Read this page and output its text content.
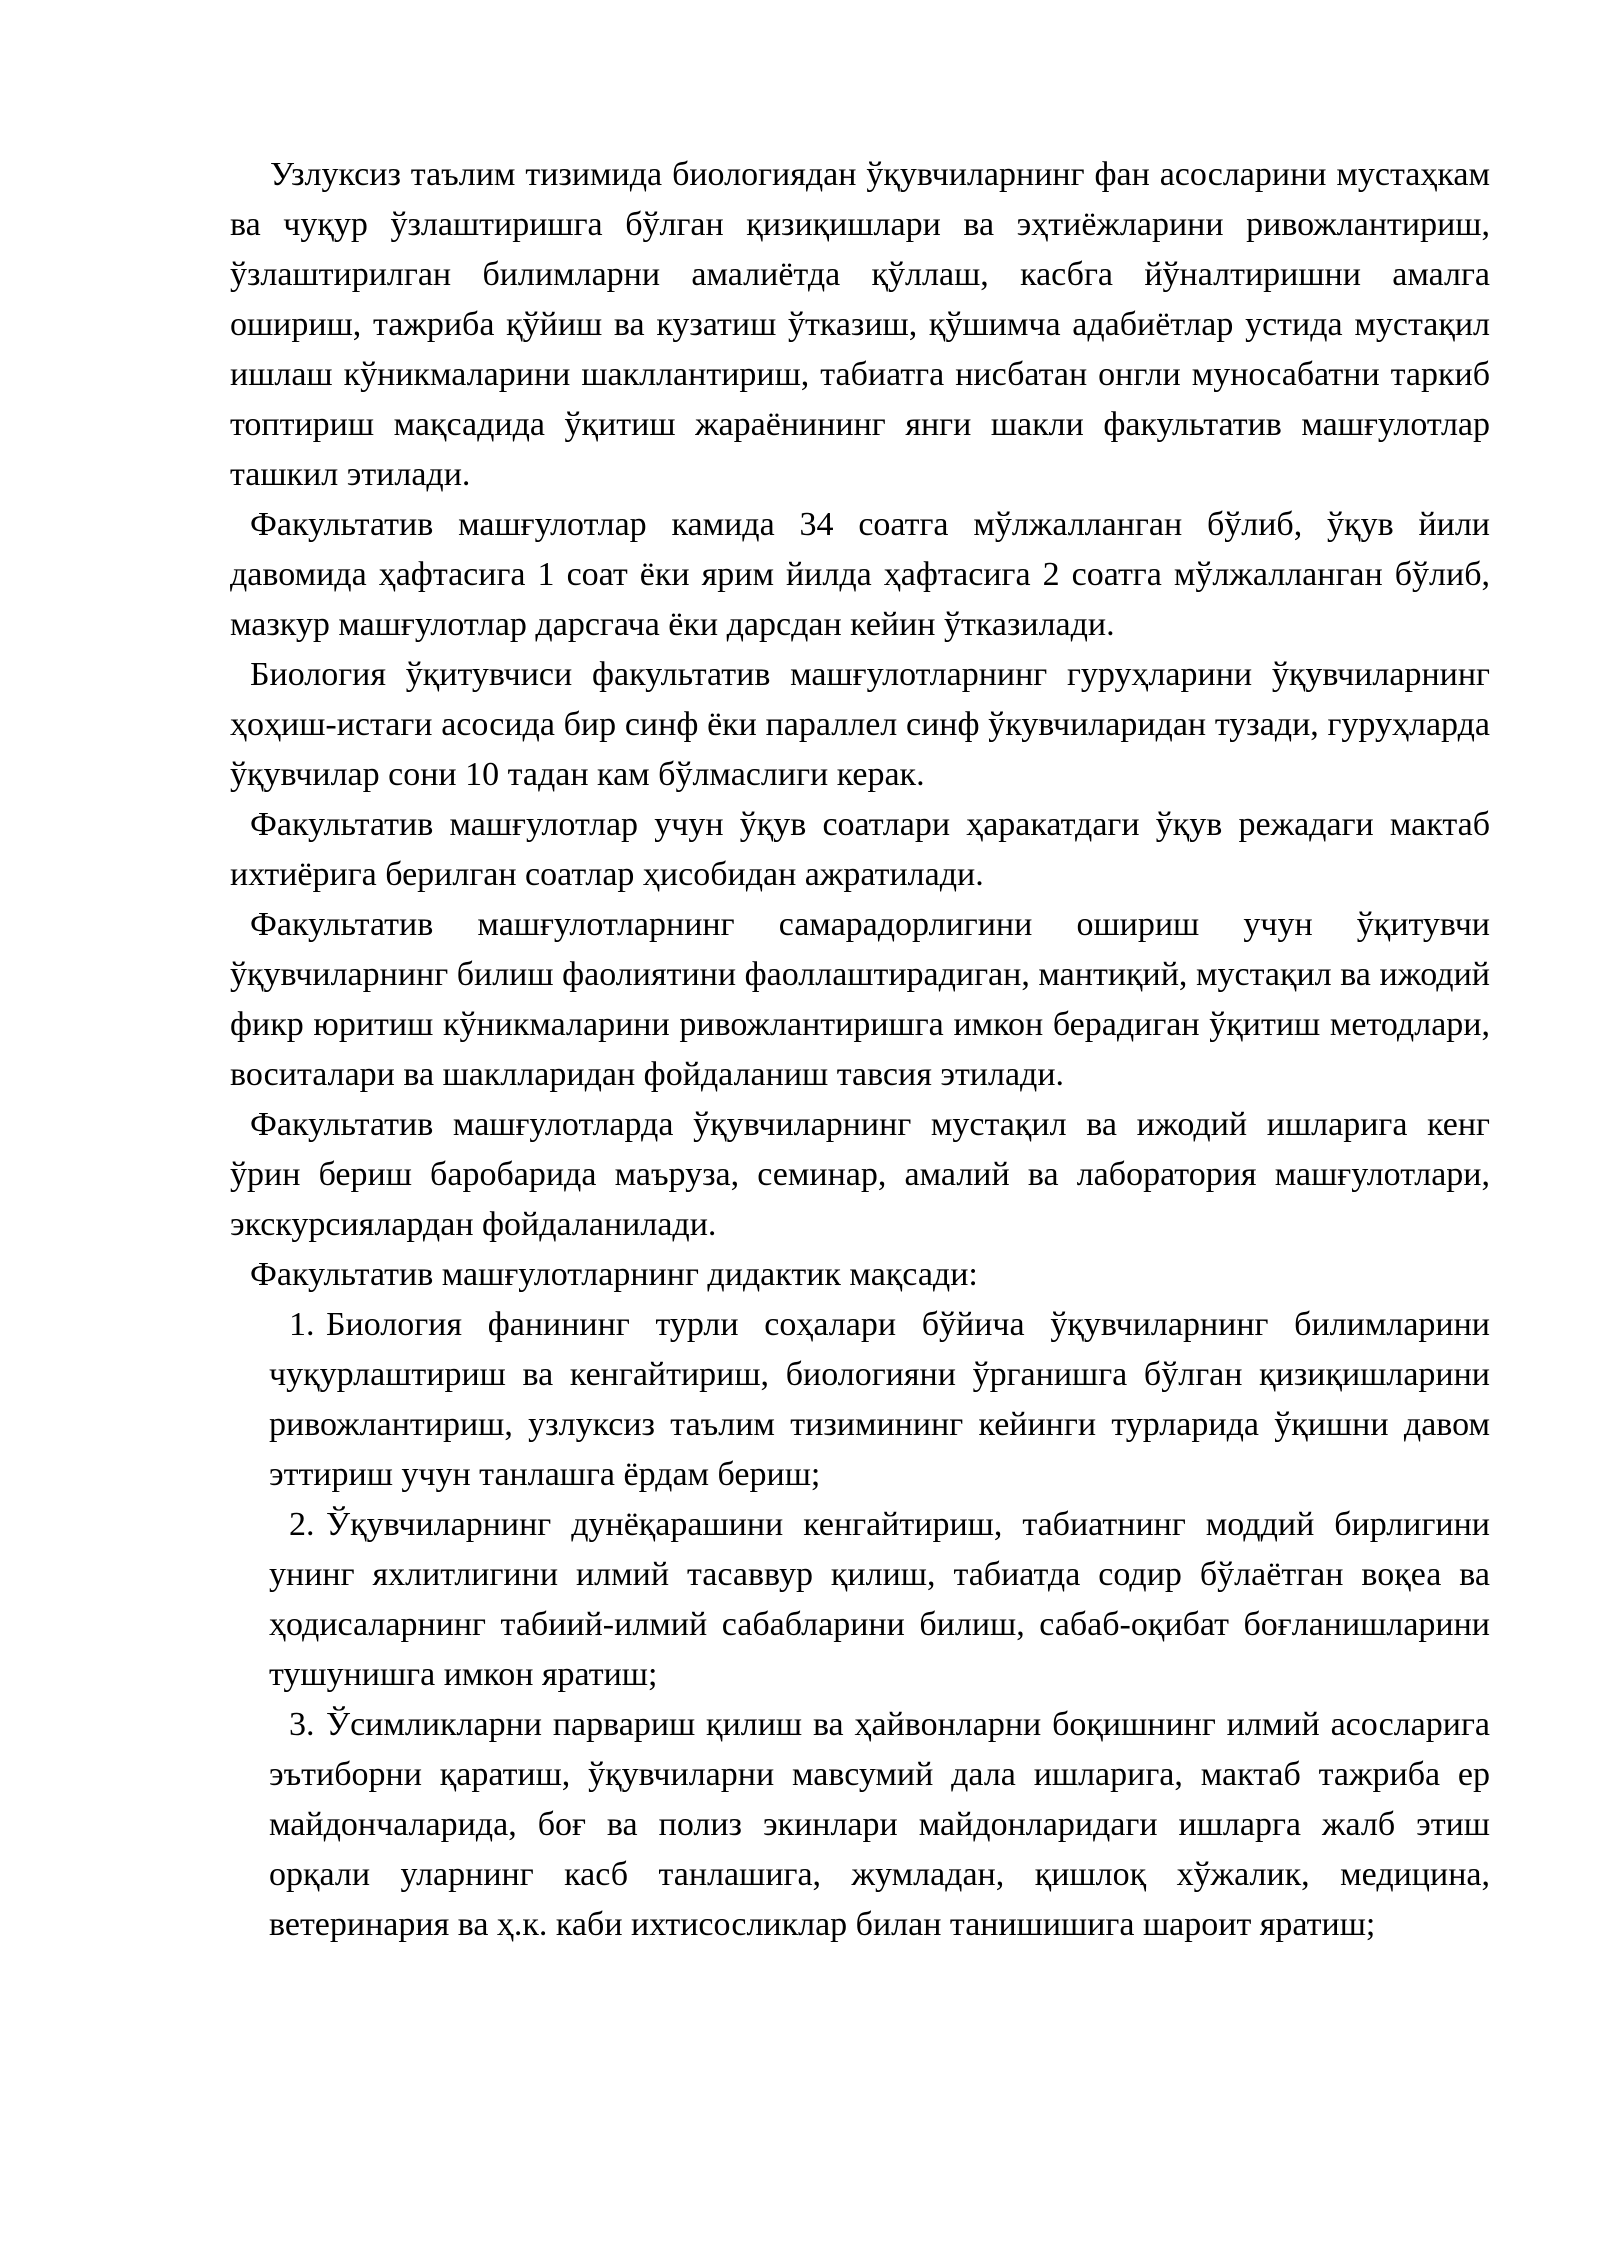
Узлуксиз таълим тизимида биологиядан ўқувчиларнинг фан асосларини мустаҳкам ва чуқур ўзлаштиришга бўлган қизиқишлари ва эҳтиёжларини ривожлантириш, ўзлаштирилган билимларни амалиётда қўллаш, касбга йўналтиришни амалга ошириш, тажриба қўйиш ва кузатиш ўтказиш, қўшимча адабиётлар устида мустақил ишлаш кўникмаларини шакллантириш, табиатга нисбатан онгли муносабатни таркиб топтириш мақсадида ўқитиш жараёнининг янги шакли факультатив машғулотлар ташкил этилади.

Факультатив машғулотлар камида 34 соатга мўлжалланган бўлиб, ўқув йили давомида ҳафтасига 1 соат ёки ярим йилда ҳафтасига 2 соатга мўлжалланган бўлиб, мазкур машғулотлар дарсгача ёки дарсдан кейин ўтказилади.

Биология ўқитувчиси факультатив машғулотларнинг гуруҳларини ўқувчиларнинг ҳоҳиш-истаги асосида бир синф ёки параллел синф ўкувчиларидан тузади, гуруҳларда ўқувчилар сони 10 тадан кам бўлмаслиги керак.

Факультатив машғулотлар учун ўқув соатлари ҳаракатдаги ўқув режадаги мактаб ихтиёрига берилган соатлар ҳисобидан ажратилади.

Факультатив машғулотларнинг самарадорлигини ошириш учун ўқитувчи ўқувчиларнинг билиш фаолиятини фаоллаштирадиган, мантиқий, мустақил ва ижодий фикр юритиш кўникмаларини ривожлантиришга имкон берадиган ўқитиш методлари, воситалари ва шаклларидан фойдаланиш тавсия этилади.

Факультатив машғулотларда ўқувчиларнинг мустақил ва ижодий ишларига кенг ўрин бериш баробарида маъруза, семинар, амалий ва лаборатория машғулотлари, экскурсиялардан фойдаланилади.

Факультатив машғулотларнинг дидактик мақсади:

1. Биология фанининг турли соҳалари бўйича ўқувчиларнинг билимларини чуқурлаштириш ва кенгайтириш, биологияни ўрганишга бўлган қизиқишларини ривожлантириш, узлуксиз таълим тизимининг кейинги турларида ўқишни давом эттириш учун танлашга ёрдам бериш;
2. Ўқувчиларнинг дунёқарашини кенгайтириш, табиатнинг моддий бирлигини унинг яхлитлигини илмий тасаввур қилиш, табиатда содир бўлаётган воқеа ва ҳодисаларнинг табиий-илмий сабабларини билиш, сабаб-оқибат боғланишларини тушунишга имкон яратиш;
3. Ўсимликларни парвариш қилиш ва ҳайвонларни боқишнинг илмий асосларига эътиборни қаратиш, ўқувчиларни мавсумий дала ишларига, мактаб тажриба ер майдончаларида, боғ ва полиз экинлари майдонларидаги ишларга жалб этиш орқали уларнинг касб танлашига, жумладан, қишлоқ хўжалик, медицина, ветеринария ва ҳ.к. каби ихтисосликлар билан танишишига шароит яратиш;
